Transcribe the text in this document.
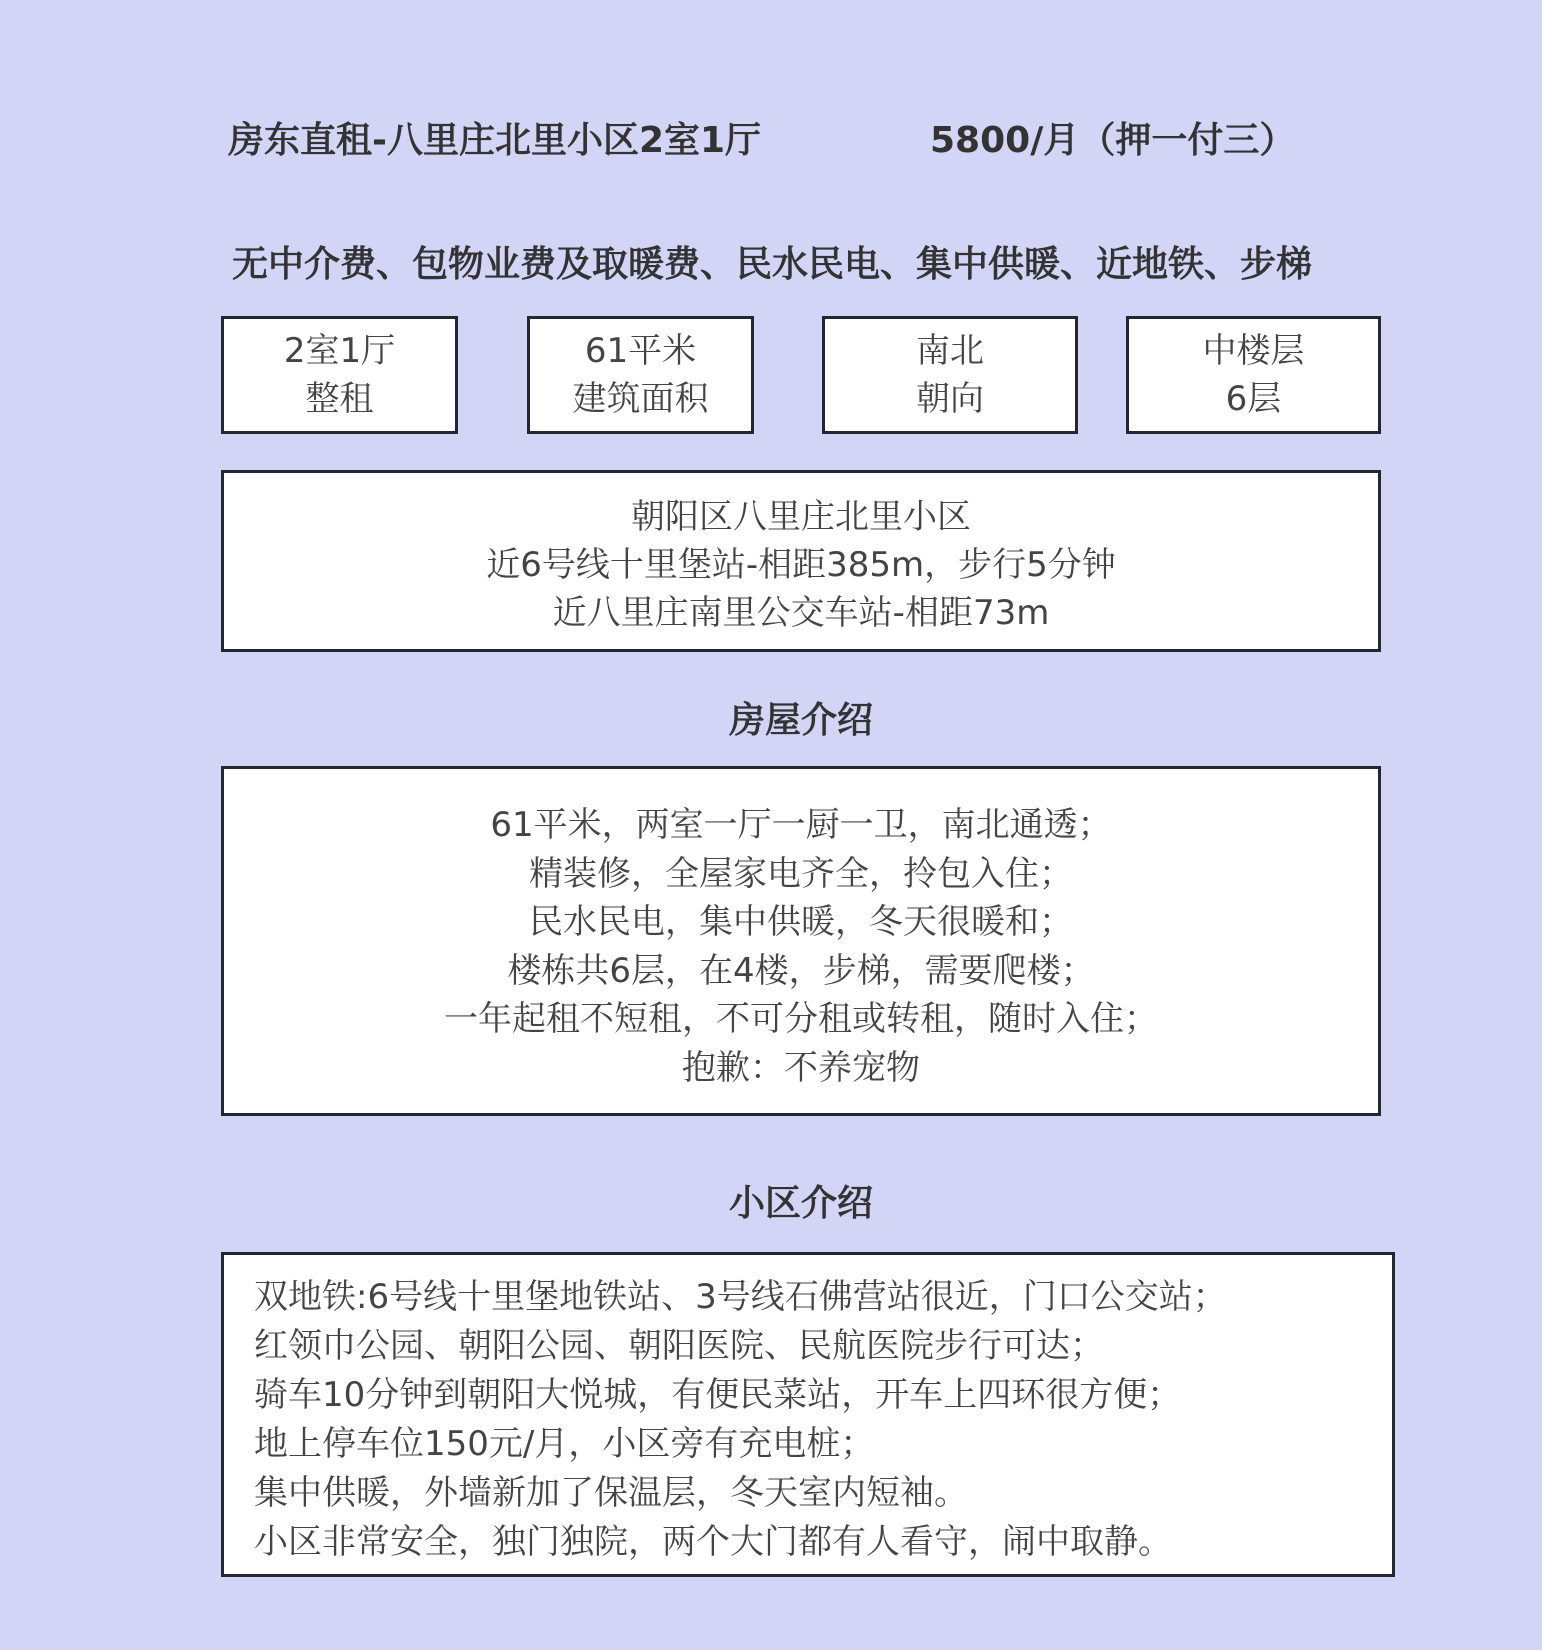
房东直租-八里庄北里小区2室1厅	5800/月（押一付三）
无中介费、包物业费及取暖费、民水民电、集中供暖、近地铁、步梯
2室1厅
整租
61平米
建筑面积
南北
朝向
中楼层
6层
朝阳区八里庄北里小区
近6号线十里堡站-相距385m，步行5分钟
近八里庄南里公交车站-相距73m
房屋介绍
61平米，两室一厅一厨一卫，南北通透；
精装修，全屋家电齐全，拎包入住；
民水民电，集中供暖，冬天很暖和；
楼栋共6层，在4楼，步梯，需要爬楼；
一年起租不短租，不可分租或转租，随时入住；
抱歉：不养宠物
小区介绍
双地铁:6号线十里堡地铁站、3号线石佛营站很近，门口公交站；
红领巾公园、朝阳公园、朝阳医院、民航医院步行可达；
骑车10分钟到朝阳大悦城，有便民菜站，开车上四环很方便；
地上停车位150元/月，小区旁有充电桩；
集中供暖，外墙新加了保温层，冬天室内短袖。
小区非常安全，独门独院，两个大门都有人看守，闹中取静。
